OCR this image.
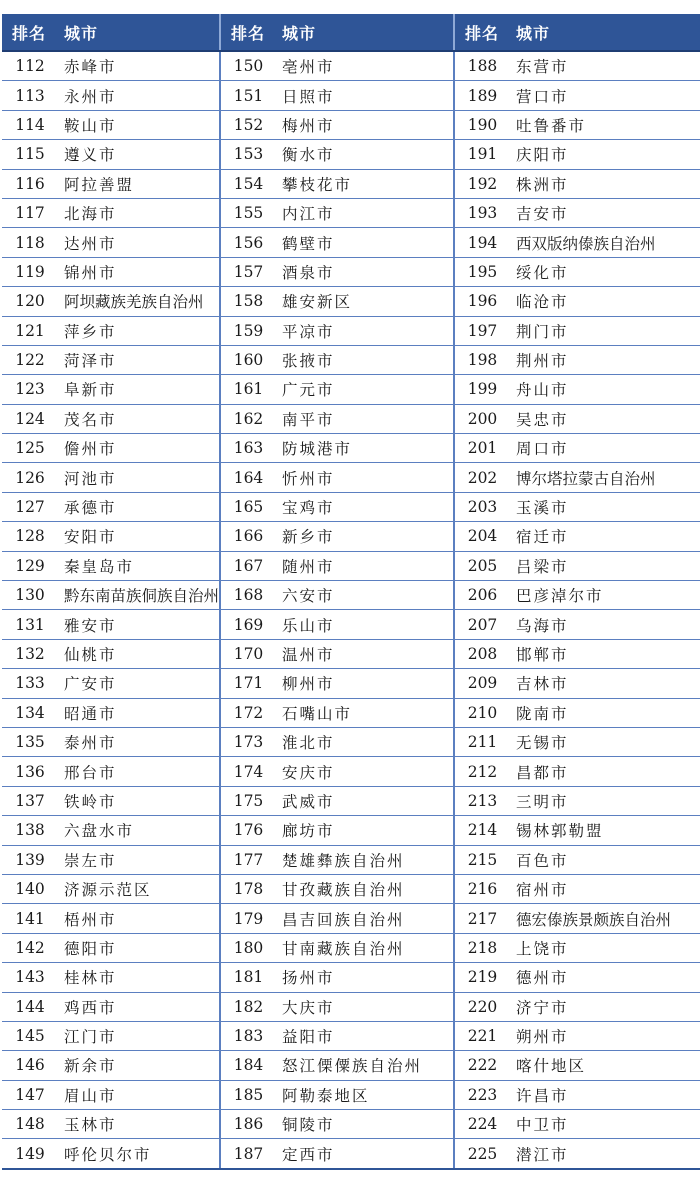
排名	城市	排名	城市	排名	城市
112	赤峰市	150	亳州市	188	东营市
113	永州市	151	日照市	189	营口市
114	鞍山市	152	梅州市	190	吐鲁番市
115	遵义市	153	衡水市	191	庆阳市
116	阿拉善盟	154	攀枝花市	192	株洲市
117	北海市	155	内江市	193	吉安市
118	达州市	156	鹤壁市	194	西双版纳傣族自治州
119	锦州市	157	酒泉市	195	绥化市
120	阿坝藏族羌族自治州	158	雄安新区	196	临沧市
121	萍乡市	159	平凉市	197	荆门市
122	菏泽市	160	张掖市	198	荆州市
123	阜新市	161	广元市	199	舟山市
124	茂名市	162	南平市	200	吴忠市
125	儋州市	163	防城港市	201	周口市
126	河池市	164	忻州市	202	博尔塔拉蒙古自治州
127	承德市	165	宝鸡市	203	玉溪市
128	安阳市	166	新乡市	204	宿迁市
129	秦皇岛市	167	随州市	205	吕梁市
130	黔东南苗族侗族自治州	168	六安市	206	巴彦淖尔市
131	雅安市	169	乐山市	207	乌海市
132	仙桃市	170	温州市	208	邯郸市
133	广安市	171	柳州市	209	吉林市
134	昭通市	172	石嘴山市	210	陇南市
135	泰州市	173	淮北市	211	无锡市
136	邢台市	174	安庆市	212	昌都市
137	铁岭市	175	武威市	213	三明市
138	六盘水市	176	廊坊市	214	锡林郭勒盟
139	崇左市	177	楚雄彝族自治州	215	百色市
140	济源示范区	178	甘孜藏族自治州	216	宿州市
141	梧州市	179	昌吉回族自治州	217	德宏傣族景颇族自治州
142	德阳市	180	甘南藏族自治州	218	上饶市
143	桂林市	181	扬州市	219	德州市
144	鸡西市	182	大庆市	220	济宁市
145	江门市	183	益阳市	221	朔州市
146	新余市	184	怒江傈僳族自治州	222	喀什地区
147	眉山市	185	阿勒泰地区	223	许昌市
148	玉林市	186	铜陵市	224	中卫市
149	呼伦贝尔市	187	定西市	225	潜江市
